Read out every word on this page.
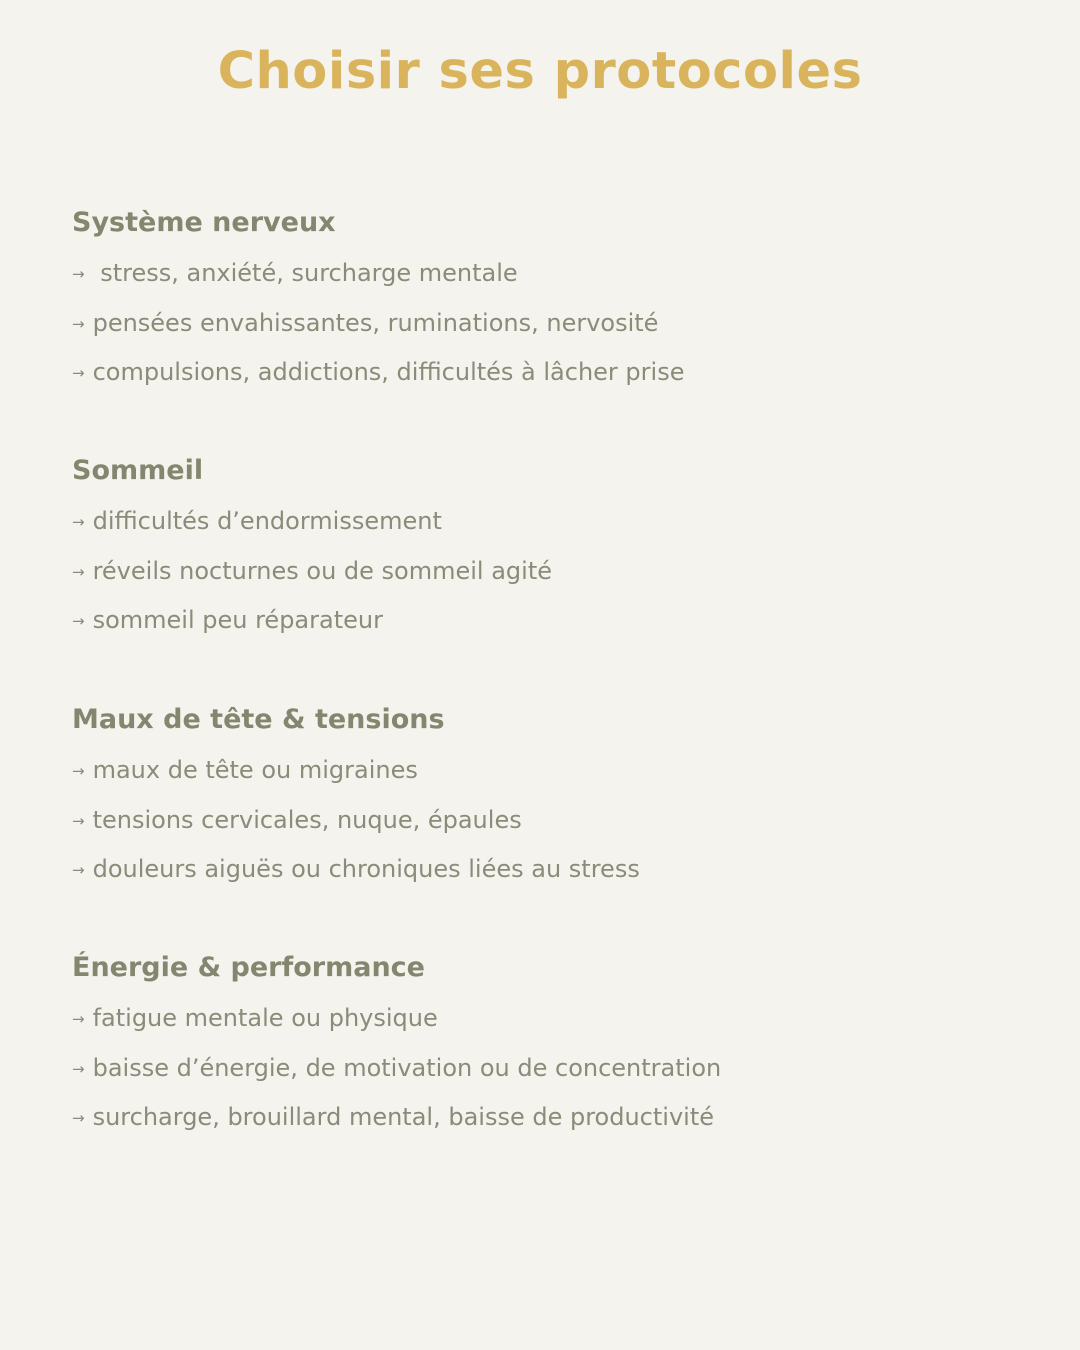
Choisir ses protocoles
Système nerveux
→ stress, anxiété, surcharge mentale
→ pensées envahissantes, ruminations, nervosité
→ compulsions, addictions, difficultés à lâcher prise
Sommeil
→ difficultés d’endormissement
→ réveils nocturnes ou de sommeil agité
→ sommeil peu réparateur
Maux de tête & tensions
→ maux de tête ou migraines
→ tensions cervicales, nuque, épaules
→ douleurs aiguës ou chroniques liées au stress
Énergie & performance
→ fatigue mentale ou physique
→ baisse d’énergie, de motivation ou de concentration
→ surcharge, brouillard mental, baisse de productivité
